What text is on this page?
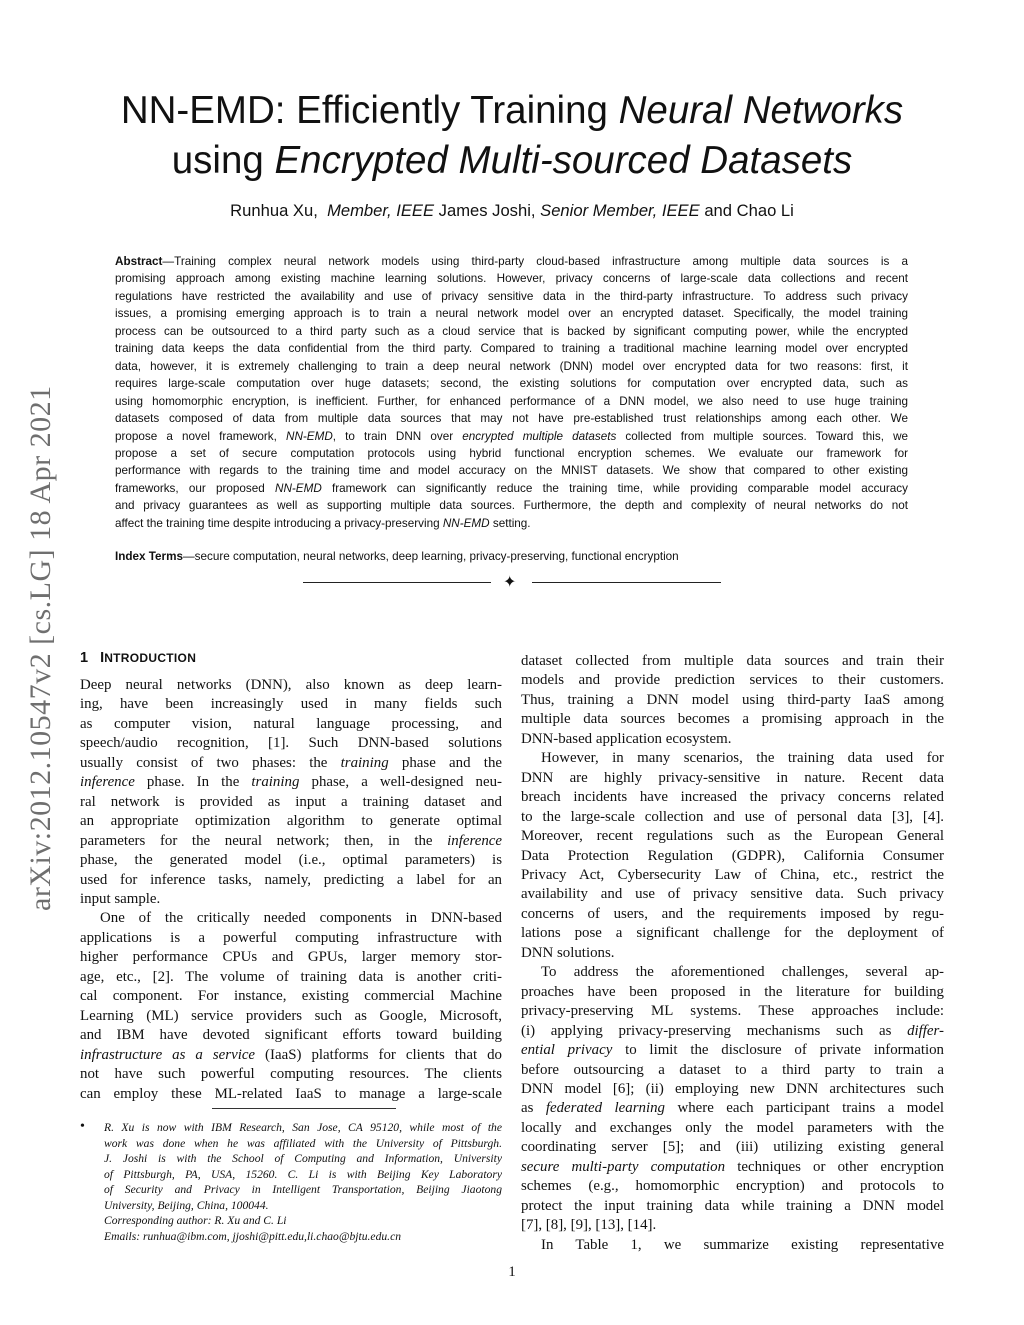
arXiv:2012.10547v2 [cs.LG] 18 Apr 2021
NN-EMD: Efficiently Training Neural Networks
using Encrypted Multi-sourced Datasets
Runhua Xu, Member, IEEE James Joshi, Senior Member, IEEE and Chao Li
Abstract—Training complex neural network models using third-party cloud-based infrastructure among multiple data sources is a
promising approach among existing machine learning solutions. However, privacy concerns of large-scale data collections and recent
regulations have restricted the availability and use of privacy sensitive data in the third-party infrastructure. To address such privacy
issues, a promising emerging approach is to train a neural network model over an encrypted dataset. Specifically, the model training
process can be outsourced to a third party such as a cloud service that is backed by significant computing power, while the encrypted
training data keeps the data confidential from the third party. Compared to training a traditional machine learning model over encrypted
data, however, it is extremely challenging to train a deep neural network (DNN) model over encrypted data for two reasons: first, it
requires large-scale computation over huge datasets; second, the existing solutions for computation over encrypted data, such as
using homomorphic encryption, is inefficient. Further, for enhanced performance of a DNN model, we also need to use huge training
datasets composed of data from multiple data sources that may not have pre-established trust relationships among each other. We
propose a novel framework, NN-EMD, to train DNN over encrypted multiple datasets collected from multiple sources. Toward this, we
propose a set of secure computation protocols using hybrid functional encryption schemes. We evaluate our framework for
performance with regards to the training time and model accuracy on the MNIST datasets. We show that compared to other existing
frameworks, our proposed NN-EMD framework can significantly reduce the training time, while providing comparable model accuracy
and privacy guarantees as well as supporting multiple data sources. Furthermore, the depth and complexity of neural networks do not
affect the training time despite introducing a privacy-preserving NN-EMD setting.
Index Terms—secure computation, neural networks, deep learning, privacy-preserving, functional encryption
✦
1 INTRODUCTION
Deep neural networks (DNN), also known as deep learn-
ing, have been increasingly used in many fields such
as computer vision, natural language processing, and
speech/audio recognition, [1]. Such DNN-based solutions
usually consist of two phases: the training phase and the
inference phase. In the training phase, a well-designed neu-
ral network is provided as input a training dataset and
an appropriate optimization algorithm to generate optimal
parameters for the neural network; then, in the inference
phase, the generated model (i.e., optimal parameters) is
used for inference tasks, namely, predicting a label for an
input sample.
One of the critically needed components in DNN-based
applications is a powerful computing infrastructure with
higher performance CPUs and GPUs, larger memory stor-
age, etc., [2]. The volume of training data is another criti-
cal component. For instance, existing commercial Machine
Learning (ML) service providers such as Google, Microsoft,
and IBM have devoted significant efforts toward building
infrastructure as a service (IaaS) platforms for clients that do
not have such powerful computing resources. The clients
can employ these ML-related IaaS to manage a large-scale
•	R. Xu is now with IBM Research, San Jose, CA 95120, while most of the
work was done when he was affiliated with the University of Pittsburgh.
J. Joshi is with the School of Computing and Information, University
of Pittsburgh, PA, USA, 15260. C. Li is with Beijing Key Laboratory
of Security and Privacy in Intelligent Transportation, Beijing Jiaotong
University, Beijing, China, 100044.
Corresponding author: R. Xu and C. Li
Emails: runhua@ibm.com, jjoshi@pitt.edu,li.chao@bjtu.edu.cn
dataset collected from multiple data sources and train their
models and provide prediction services to their customers.
Thus, training a DNN model using third-party IaaS among
multiple data sources becomes a promising approach in the
DNN-based application ecosystem.
However, in many scenarios, the training data used for
DNN are highly privacy-sensitive in nature. Recent data
breach incidents have increased the privacy concerns related
to the large-scale collection and use of personal data [3], [4].
Moreover, recent regulations such as the European General
Data Protection Regulation (GDPR), California Consumer
Privacy Act, Cybersecurity Law of China, etc., restrict the
availability and use of privacy sensitive data. Such privacy
concerns of users, and the requirements imposed by regu-
lations pose a significant challenge for the deployment of
DNN solutions.
To address the aforementioned challenges, several ap-
proaches have been proposed in the literature for building
privacy-preserving ML systems. These approaches include:
(i) applying privacy-preserving mechanisms such as differ-
ential privacy to limit the disclosure of private information
before outsourcing a dataset to a third party to train a
DNN model [6]; (ii) employing new DNN architectures such
as federated learning where each participant trains a model
locally and exchanges only the model parameters with the
coordinating server [5]; and (iii) utilizing existing general
secure multi-party computation techniques or other encryption
schemes (e.g., homomorphic encryption) and protocols to
protect the input training data while training a DNN model
[7], [8], [9], [13], [14].
In Table 1, we summarize existing representative
1
